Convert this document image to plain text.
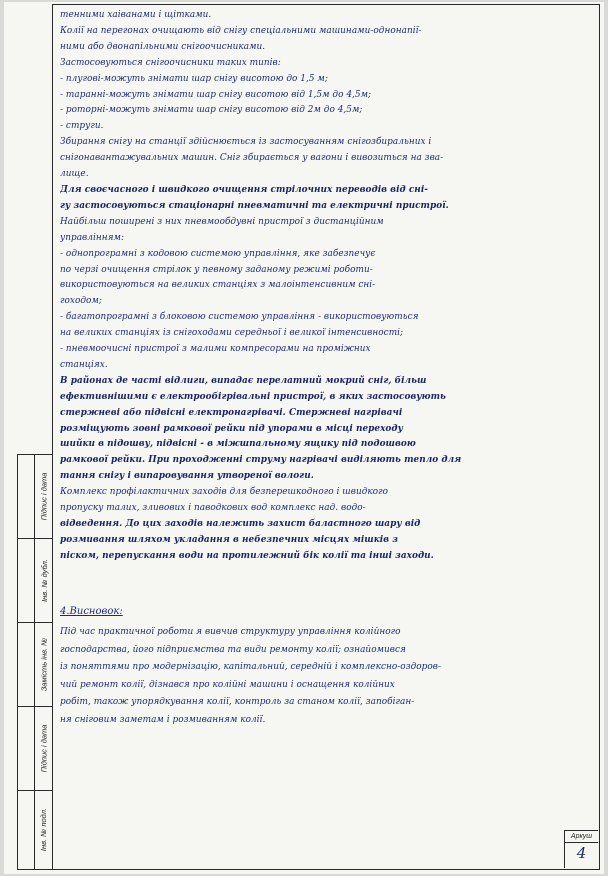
Підпис і дата
Інв. № дубл.
Замість інв. №
Підпис і дата
Інв. № подл.

тенними хаіванами і щітками.

Колії на перегонах очищають від снігу спеціальними машинами-однонапії-

ними або двонапільними снігоочисниками.

Застосовуються снігоочисники таких типів:

- плугові-можуть знімати шар снігу висотою до 1,5 м;

- таранні-можуть знімати шар снігу висотою від 1,5м до 4,5м;

- роторні-можуть знімати шар снігу висотою від 2м до 4,5м;

- струги.

Збирання снігу на станції здійснюється із застосуванням снігозбиральних і

снігонавантажувальних машин. Сніг збирається у вагони і вивозиться на зва-

лище.

Для своєчасного і швидкого очищення стрілочних переводів від сні-

гу застосовуються стаціонарні пневматичні та електричні пристрої.

Найбільш поширені з них пневмообдувні пристрої з дистанційним

управлінням:

- однопрограмні з кодовою системою управління, яке забезпечує

по черзі очищення стрілок у певному заданому режимі роботи-

використовуються на великих станціях з малоінтенсивним сні-

гоходом;

- багатопрограмні з блоковою системою управління - використовуються

на великих станціях із снігоходами середньої і великої інтенсивності;

- пневмоочисні пристрої з малими компресорами на проміжних

станціях.

В районах де часті відлиги, випадає перелатний мокрий сніг, більш

ефективнішими є електрообігрівальні пристрої, в яких застосовують

стержневі або підвісні електронагрівачі. Стержневі нагрівачі

розміщують зовні рамкової рейки під упорами в місці переходу

шийки в підошву, підвісні - в міжшпальному ящику під подошвою

рамкової рейки. При проходженні струму нагрівачі виділяють тепло для

тання снігу і випаровування утвореної вологи.

Комплекс профілактичних заходів для безперешкодного і швидкого

пропуску талих, зливових і паводкових вод комплекс над. водо-

відведення. До цих заходів належить захист баластного шару від

розмивання шляхом укладання в небезпечних місцях мішків з

піском, перепускання води на протилежний бік колії та інші заходи.

4.Висновок:

Під час практичної роботи я вивчив структуру управління колійного

господарства, його підприємства та види ремонту колії; ознайомився

із поняттями про модернізацію, капітальний, середній і комплексно-оздоров-

чий ремонт колії, дізнався про колійні машини і оснащення колійних

робіт, також упорядкування колії, контроль за станом колії, запобіган-

ня сніговим заметам і розмиванням колії.

Аркуш
4
